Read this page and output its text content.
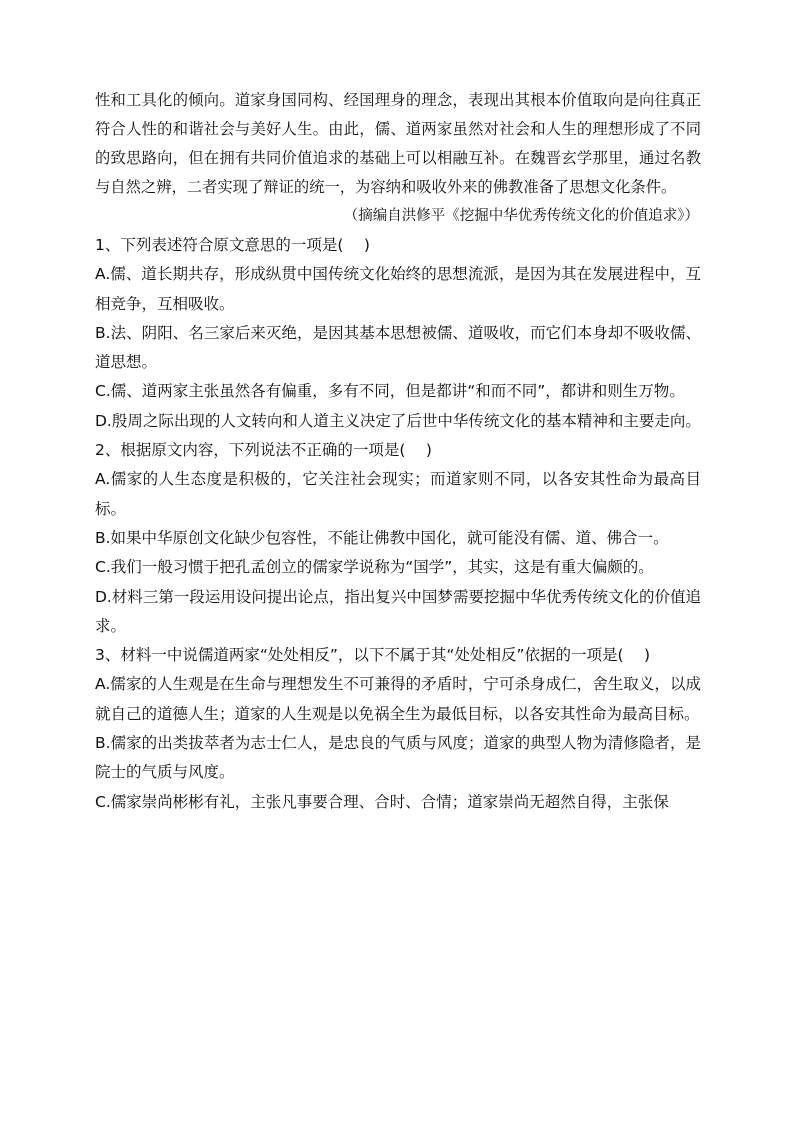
性和工具化的倾向。道家身国同构、经国理身的理念，表现出其根本价值取向是向往真正符合人性的和谐社会与美好人生。由此，儒、道两家虽然对社会和人生的理想形成了不同的致思路向，但在拥有共同价值追求的基础上可以相融互补。在魏晋玄学那里，通过名教与自然之辨，二者实现了辩证的统一，为容纳和吸收外来的佛教准备了思想文化条件。

（摘编自洪修平《挖掘中华优秀传统文化的价值追求》）

1、下列表述符合原文意思的一项是(　 )

A.儒、道长期共存，形成纵贯中国传统文化始终的思想流派，是因为其在发展进程中，互相竞争，互相吸收。

B.法、阴阳、名三家后来灭绝，是因其基本思想被儒、道吸收，而它们本身却不吸收儒、道思想。

C.儒、道两家主张虽然各有偏重，多有不同，但是都讲“和而不同”，都讲和则生万物。

D.殷周之际出现的人文转向和人道主义决定了后世中华传统文化的基本精神和主要走向。

2、根据原文内容，下列说法不正确的一项是(　 )

A.儒家的人生态度是积极的，它关注社会现实；而道家则不同，以各安其性命为最高目标。

B.如果中华原创文化缺少包容性，不能让佛教中国化，就可能没有儒、道、佛合一。

C.我们一般习惯于把孔孟创立的儒家学说称为“国学”，其实，这是有重大偏颇的。

D.材料三第一段运用设问提出论点，指出复兴中国梦需要挖掘中华优秀传统文化的价值追求。

3、材料一中说儒道两家“处处相反”，以下不属于其“处处相反”依据的一项是(　 )

A.儒家的人生观是在生命与理想发生不可兼得的矛盾时，宁可杀身成仁，舍生取义，以成就自己的道德人生；道家的人生观是以免祸全生为最低目标，以各安其性命为最高目标。

B.儒家的出类拔萃者为志士仁人，是忠良的气质与风度；道家的典型人物为清修隐者，是院士的气质与风度。

C.儒家崇尚彬彬有礼，主张凡事要合理、合时、合情；道家崇尚无超然自得，主张保
